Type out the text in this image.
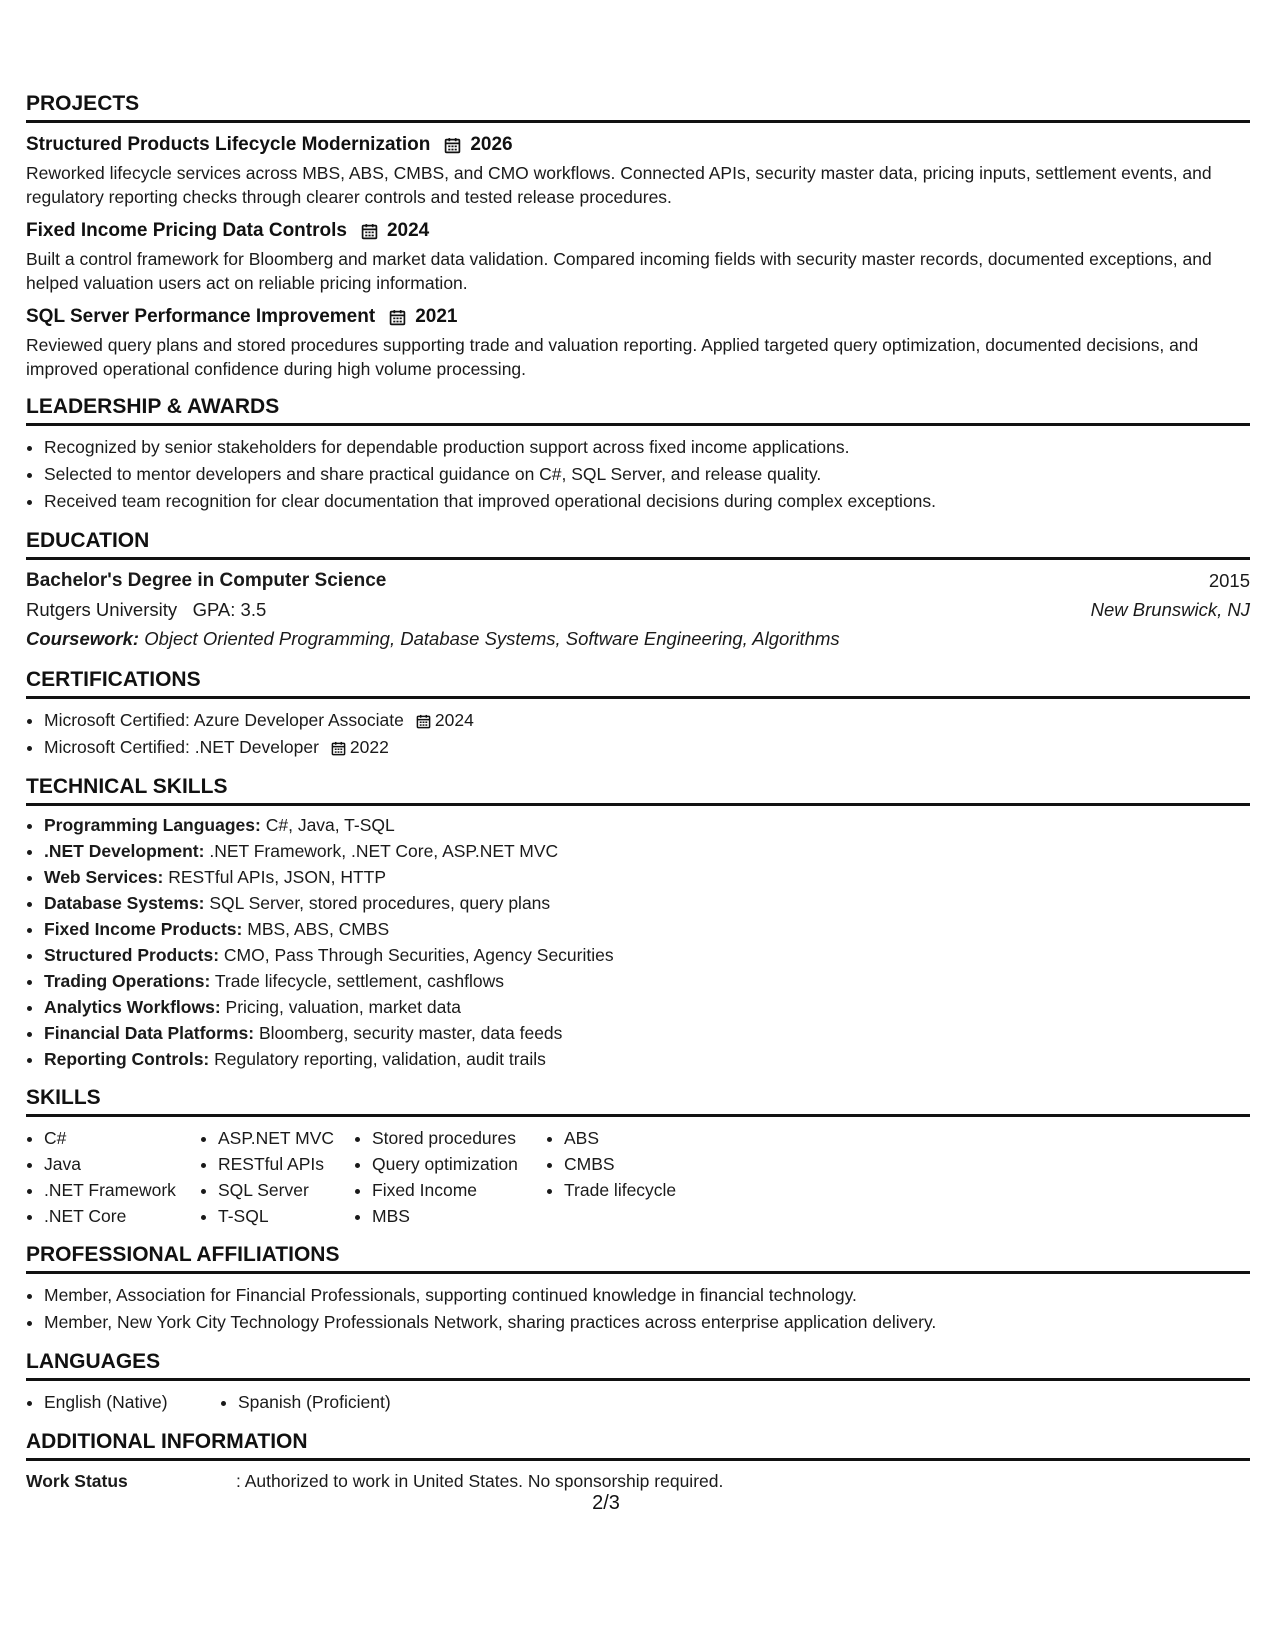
PROJECTS
Structured Products Lifecycle Modernization 2026
Reworked lifecycle services across MBS, ABS, CMBS, and CMO workflows. Connected APIs, security master data, pricing inputs, settlement events, and regulatory reporting checks through clearer controls and tested release procedures.
Fixed Income Pricing Data Controls 2024
Built a control framework for Bloomberg and market data validation. Compared incoming fields with security master records, documented exceptions, and helped valuation users act on reliable pricing information.
SQL Server Performance Improvement 2021
Reviewed query plans and stored procedures supporting trade and valuation reporting. Applied targeted query optimization, documented decisions, and improved operational confidence during high volume processing.
LEADERSHIP & AWARDS
• Recognized by senior stakeholders for dependable production support across fixed income applications.
• Selected to mentor developers and share practical guidance on C#, SQL Server, and release quality.
• Received team recognition for clear documentation that improved operational decisions during complex exceptions.
EDUCATION
Bachelor's Degree in Computer Science	2015
Rutgers University GPA: 3.5	New Brunswick, NJ
Coursework: Object Oriented Programming, Database Systems, Software Engineering, Algorithms
CERTIFICATIONS
• Microsoft Certified: Azure Developer Associate 2024
• Microsoft Certified: .NET Developer 2022
TECHNICAL SKILLS
• Programming Languages: C#, Java, T-SQL
• .NET Development: .NET Framework, .NET Core, ASP.NET MVC
• Web Services: RESTful APIs, JSON, HTTP
• Database Systems: SQL Server, stored procedures, query plans
• Fixed Income Products: MBS, ABS, CMBS
• Structured Products: CMO, Pass Through Securities, Agency Securities
• Trading Operations: Trade lifecycle, settlement, cashflows
• Analytics Workflows: Pricing, valuation, market data
• Financial Data Platforms: Bloomberg, security master, data feeds
• Reporting Controls: Regulatory reporting, validation, audit trails
SKILLS
• C#
• Java
• .NET Framework
• .NET Core
• ASP.NET MVC
• RESTful APIs
• SQL Server
• T-SQL
• Stored procedures
• Query optimization
• Fixed Income
• MBS
• ABS
• CMBS
• Trade lifecycle
PROFESSIONAL AFFILIATIONS
• Member, Association for Financial Professionals, supporting continued knowledge in financial technology.
• Member, New York City Technology Professionals Network, sharing practices across enterprise application delivery.
LANGUAGES
• English (Native)
•	Spanish (Proficient)
ADDITIONAL INFORMATION
Work Status	: Authorized to work in United States. No sponsorship required.
2/3
